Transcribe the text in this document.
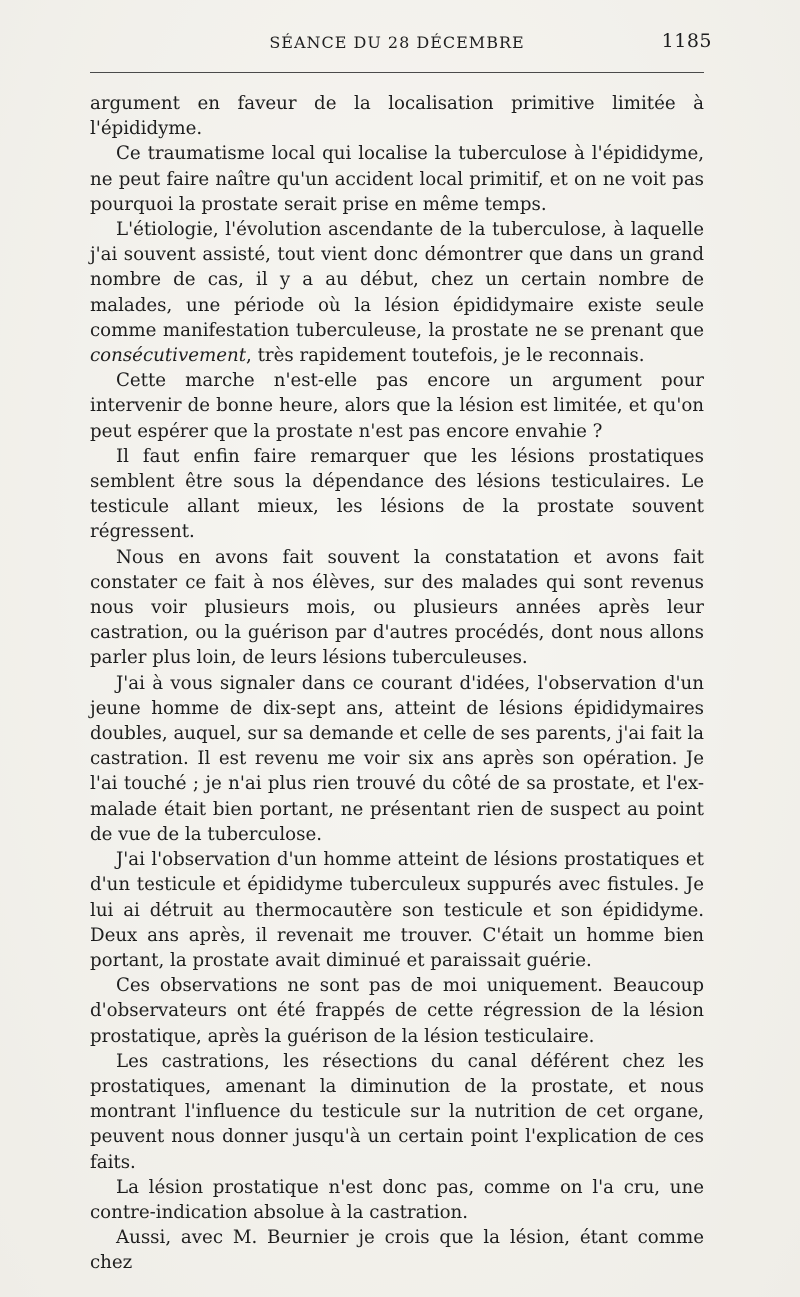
SÉANCE DU 28 DÉCEMBRE	1185

argument en faveur de la localisation primitive limitée à l'épididyme.

Ce traumatisme local qui localise la tuberculose à l'épididyme, ne peut faire naître qu'un accident local primitif, et on ne voit pas pourquoi la prostate serait prise en même temps.

L'étiologie, l'évolution ascendante de la tuberculose, à laquelle j'ai souvent assisté, tout vient donc démontrer que dans un grand nombre de cas, il y a au début, chez un certain nombre de malades, une période où la lésion épididymaire existe seule comme manifestation tuberculeuse, la prostate ne se prenant que consécutivement, très rapidement toutefois, je le reconnais.

Cette marche n'est-elle pas encore un argument pour intervenir de bonne heure, alors que la lésion est limitée, et qu'on peut espérer que la prostate n'est pas encore envahie ?

Il faut enfin faire remarquer que les lésions prostatiques semblent être sous la dépendance des lésions testiculaires. Le testicule allant mieux, les lésions de la prostate souvent régressent.

Nous en avons fait souvent la constatation et avons fait constater ce fait à nos élèves, sur des malades qui sont revenus nous voir plusieurs mois, ou plusieurs années après leur castration, ou la guérison par d'autres procédés, dont nous allons parler plus loin, de leurs lésions tuberculeuses.

J'ai à vous signaler dans ce courant d'idées, l'observation d'un jeune homme de dix-sept ans, atteint de lésions épididymaires doubles, auquel, sur sa demande et celle de ses parents, j'ai fait la castration. Il est revenu me voir six ans après son opération. Je l'ai touché ; je n'ai plus rien trouvé du côté de sa prostate, et l'ex-malade était bien portant, ne présentant rien de suspect au point de vue de la tuberculose.

J'ai l'observation d'un homme atteint de lésions prostatiques et d'un testicule et épididyme tuberculeux suppurés avec fistules. Je lui ai détruit au thermocautère son testicule et son épididyme. Deux ans après, il revenait me trouver. C'était un homme bien portant, la prostate avait diminué et paraissait guérie.

Ces observations ne sont pas de moi uniquement. Beaucoup d'observateurs ont été frappés de cette régression de la lésion prostatique, après la guérison de la lésion testiculaire.

Les castrations, les résections du canal déférent chez les prostatiques, amenant la diminution de la prostate, et nous montrant l'influence du testicule sur la nutrition de cet organe, peuvent nous donner jusqu'à un certain point l'explication de ces faits.

La lésion prostatique n'est donc pas, comme on l'a cru, une contre-indication absolue à la castration.

Aussi, avec M. Beurnier je crois que la lésion, étant comme chez
